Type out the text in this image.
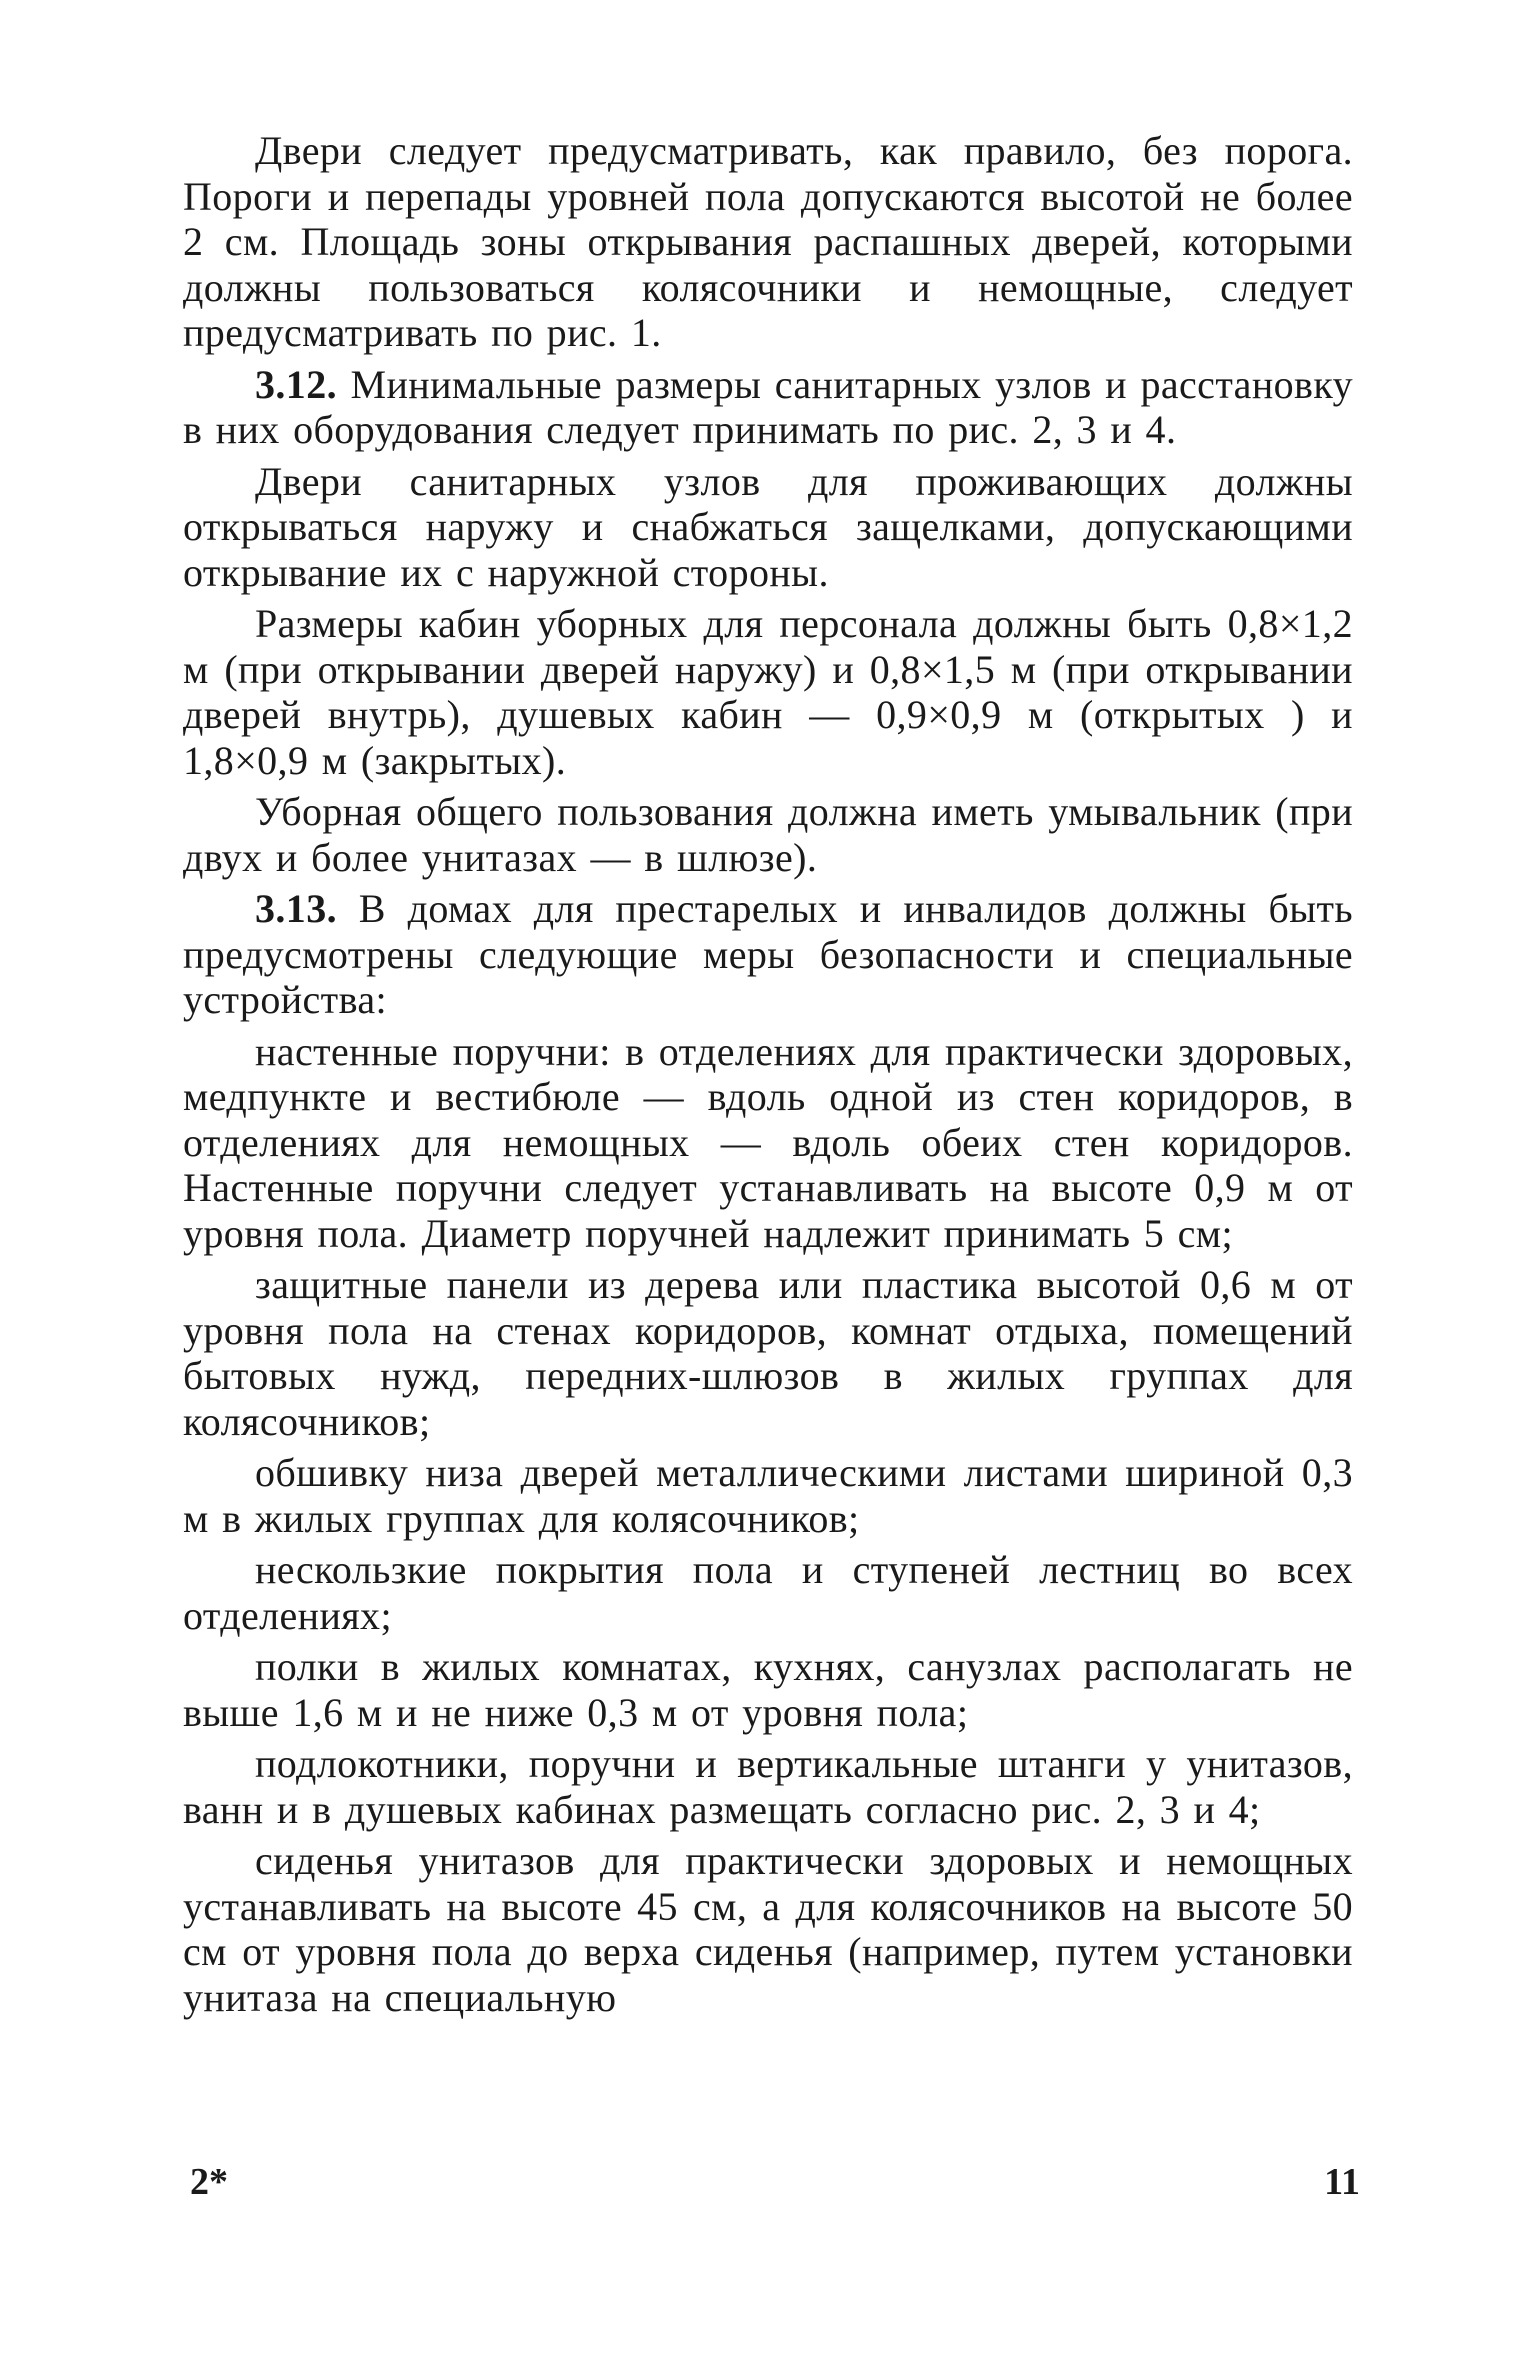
Двери следует предусматривать, как правило, без порога. Пороги и перепады уровней пола допускаются высотой не более 2 см. Площадь зоны открывания распашных дверей, которыми должны пользоваться колясочники и немощные, следует предусматривать по рис. 1.

3.12. Минимальные размеры санитарных узлов и расстановку в них оборудования следует принимать по рис. 2, 3 и 4.

Двери санитарных узлов для проживающих должны открываться наружу и снабжаться защелками, допускающими открывание их с наружной стороны.

Размеры кабин уборных для персонала должны быть 0,8×1,2 м (при открывании дверей наружу) и 0,8×1,5 м (при открывании дверей внутрь), душевых кабин — 0,9×0,9 м (открытых ) и 1,8×0,9 м (закрытых).

Уборная общего пользования должна иметь умывальник (при двух и более унитазах — в шлюзе).

3.13. В домах для престарелых и инвалидов должны быть предусмотрены следующие меры безопасности и специальные устройства:

настенные поручни: в отделениях для практически здоровых, медпункте и вестибюле — вдоль одной из стен коридоров, в отделениях для немощных — вдоль обеих стен коридоров. Настенные поручни следует устанавливать на высоте 0,9 м от уровня пола. Диаметр поручней надлежит принимать 5 см;

защитные панели из дерева или пластика высотой 0,6 м от уровня пола на стенах коридоров, комнат отдыха, помещений бытовых нужд, передних-шлюзов в жилых группах для колясочников;

обшивку низа дверей металлическими листами шириной 0,3 м в жилых группах для колясочников;

нескользкие покрытия пола и ступеней лестниц во всех отделениях;

полки в жилых комнатах, кухнях, санузлах располагать не выше 1,6 м и не ниже 0,3 м от уровня пола;

подлокотники, поручни и вертикальные штанги у унитазов, ванн и в душевых кабинах размещать согласно рис. 2, 3 и 4;

сиденья унитазов для практически здоровых и немощных устанавливать на высоте 45 см, а для колясочников на высоте 50 см от уровня пола до верха сиденья (например, путем установки унитаза на специальную

2*	11
